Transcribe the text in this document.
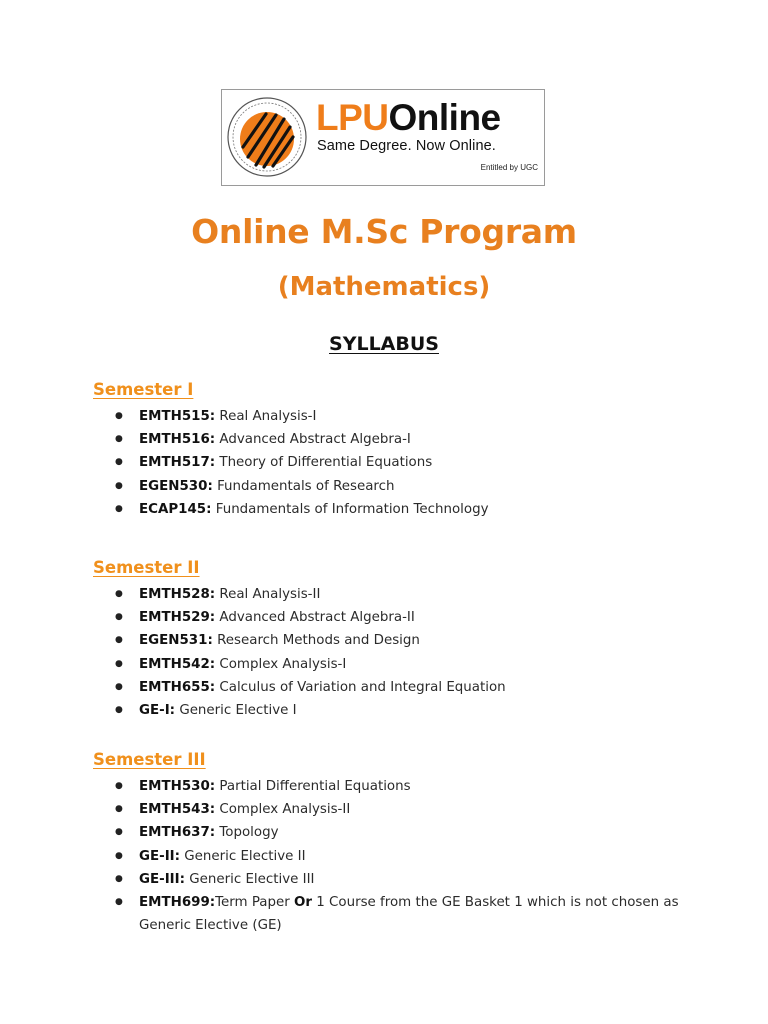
LPUOnline
Same Degree. Now Online.
Entitled by UGC
Online M.Sc Program
(Mathematics)
SYLLABUS
Semester I
● EMTH515: Real Analysis-I
● EMTH516: Advanced Abstract Algebra-I
● EMTH517: Theory of Differential Equations
● EGEN530: Fundamentals of Research
● ECAP145: Fundamentals of Information Technology
Semester II
● EMTH528: Real Analysis-II
● EMTH529: Advanced Abstract Algebra-II
● EGEN531: Research Methods and Design
● EMTH542: Complex Analysis-I
● EMTH655: Calculus of Variation and Integral Equation
● GE-I: Generic Elective I
Semester III
● EMTH530: Partial Differential Equations
● EMTH543: Complex Analysis-II
● EMTH637: Topology
● GE-II: Generic Elective II
● GE-III: Generic Elective III
● EMTH699:Term Paper Or 1 Course from the GE Basket 1 which is not chosen as Generic Elective (GE)
